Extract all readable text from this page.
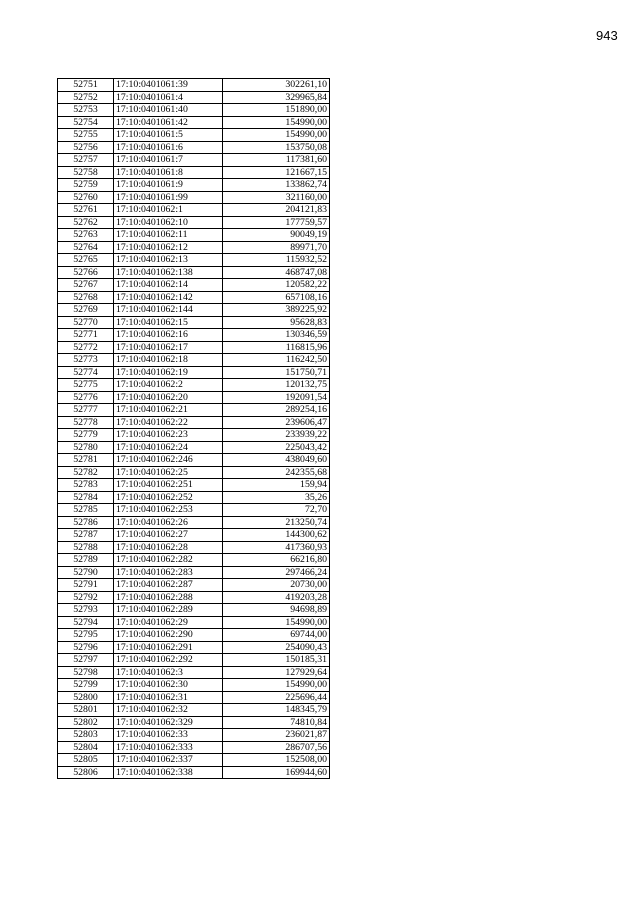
943
52751	17:10:0401061:39	302261,10
52752	17:10:0401061:4	329965,84
52753	17:10:0401061:40	151890,00
52754	17:10:0401061:42	154990,00
52755	17:10:0401061:5	154990,00
52756	17:10:0401061:6	153750,08
52757	17:10:0401061:7	117381,60
52758	17:10:0401061:8	121667,15
52759	17:10:0401061:9	133862,74
52760	17:10:0401061:99	321160,00
52761	17:10:0401062:1	204121,83
52762	17:10:0401062:10	177759,57
52763	17:10:0401062:11	90049,19
52764	17:10:0401062:12	89971,70
52765	17:10:0401062:13	115932,52
52766	17:10:0401062:138	468747,08
52767	17:10:0401062:14	120582,22
52768	17:10:0401062:142	657108,16
52769	17:10:0401062:144	389225,92
52770	17:10:0401062:15	95628,83
52771	17:10:0401062:16	130346,59
52772	17:10:0401062:17	116815,96
52773	17:10:0401062:18	116242,50
52774	17:10:0401062:19	151750,71
52775	17:10:0401062:2	120132,75
52776	17:10:0401062:20	192091,54
52777	17:10:0401062:21	289254,16
52778	17:10:0401062:22	239606,47
52779	17:10:0401062:23	233939,22
52780	17:10:0401062:24	225043,42
52781	17:10:0401062:246	438049,60
52782	17:10:0401062:25	242355,68
52783	17:10:0401062:251	159,94
52784	17:10:0401062:252	35,26
52785	17:10:0401062:253	72,70
52786	17:10:0401062:26	213250,74
52787	17:10:0401062:27	144300,62
52788	17:10:0401062:28	417360,93
52789	17:10:0401062:282	66216,80
52790	17:10:0401062:283	297466,24
52791	17:10:0401062:287	20730,00
52792	17:10:0401062:288	419203,28
52793	17:10:0401062:289	94698,89
52794	17:10:0401062:29	154990,00
52795	17:10:0401062:290	69744,00
52796	17:10:0401062:291	254090,43
52797	17:10:0401062:292	150185,31
52798	17:10:0401062:3	127929,64
52799	17:10:0401062:30	154990,00
52800	17:10:0401062:31	225696,44
52801	17:10:0401062:32	148345,79
52802	17:10:0401062:329	74810,84
52803	17:10:0401062:33	236021,87
52804	17:10:0401062:333	286707,56
52805	17:10:0401062:337	152508,00
52806	17:10:0401062:338	169944,60
